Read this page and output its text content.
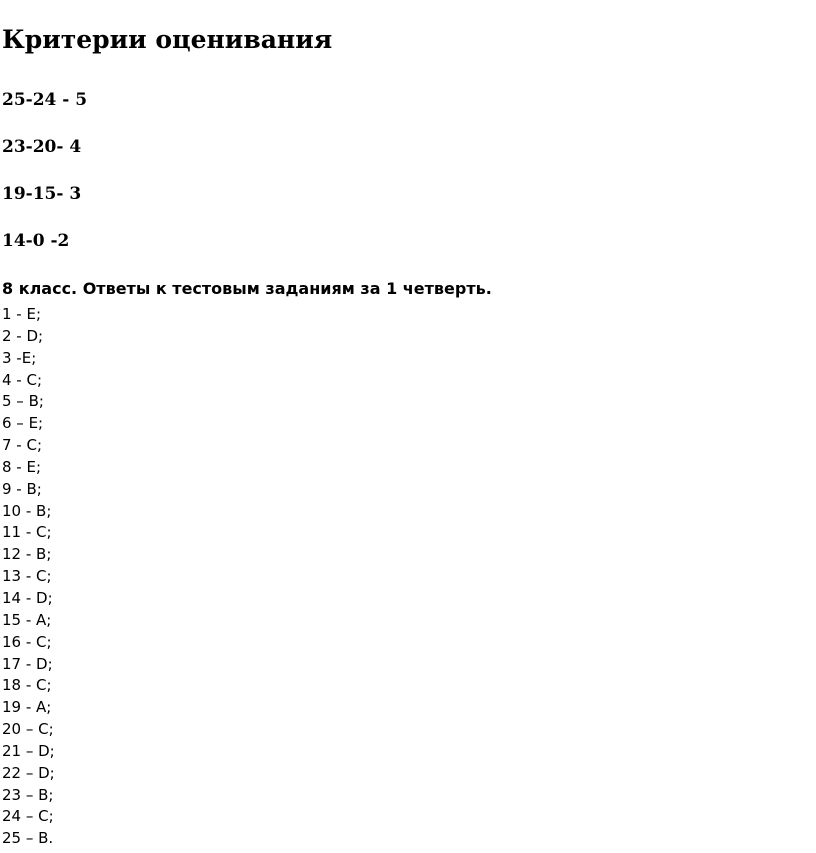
Критерии оценивания
25-24 - 5
23-20- 4
19-15- 3
14-0 -2
8 класс. Ответы к тестовым заданиям за 1 четверть.
1 - E;
2 - D;
3 -E;
4 - C;
5 – B;
6 – E;
7 - C;
8 - E;
9 - B;
10 - B;
11 - C;
12 - B;
13 - C;
14 - D;
15 - A;
16 - C;
17 - D;
18 - C;
19 - A;
20 – C;
21 – D;
22 – D;
23 – B;
24 – C;
25 – B.
